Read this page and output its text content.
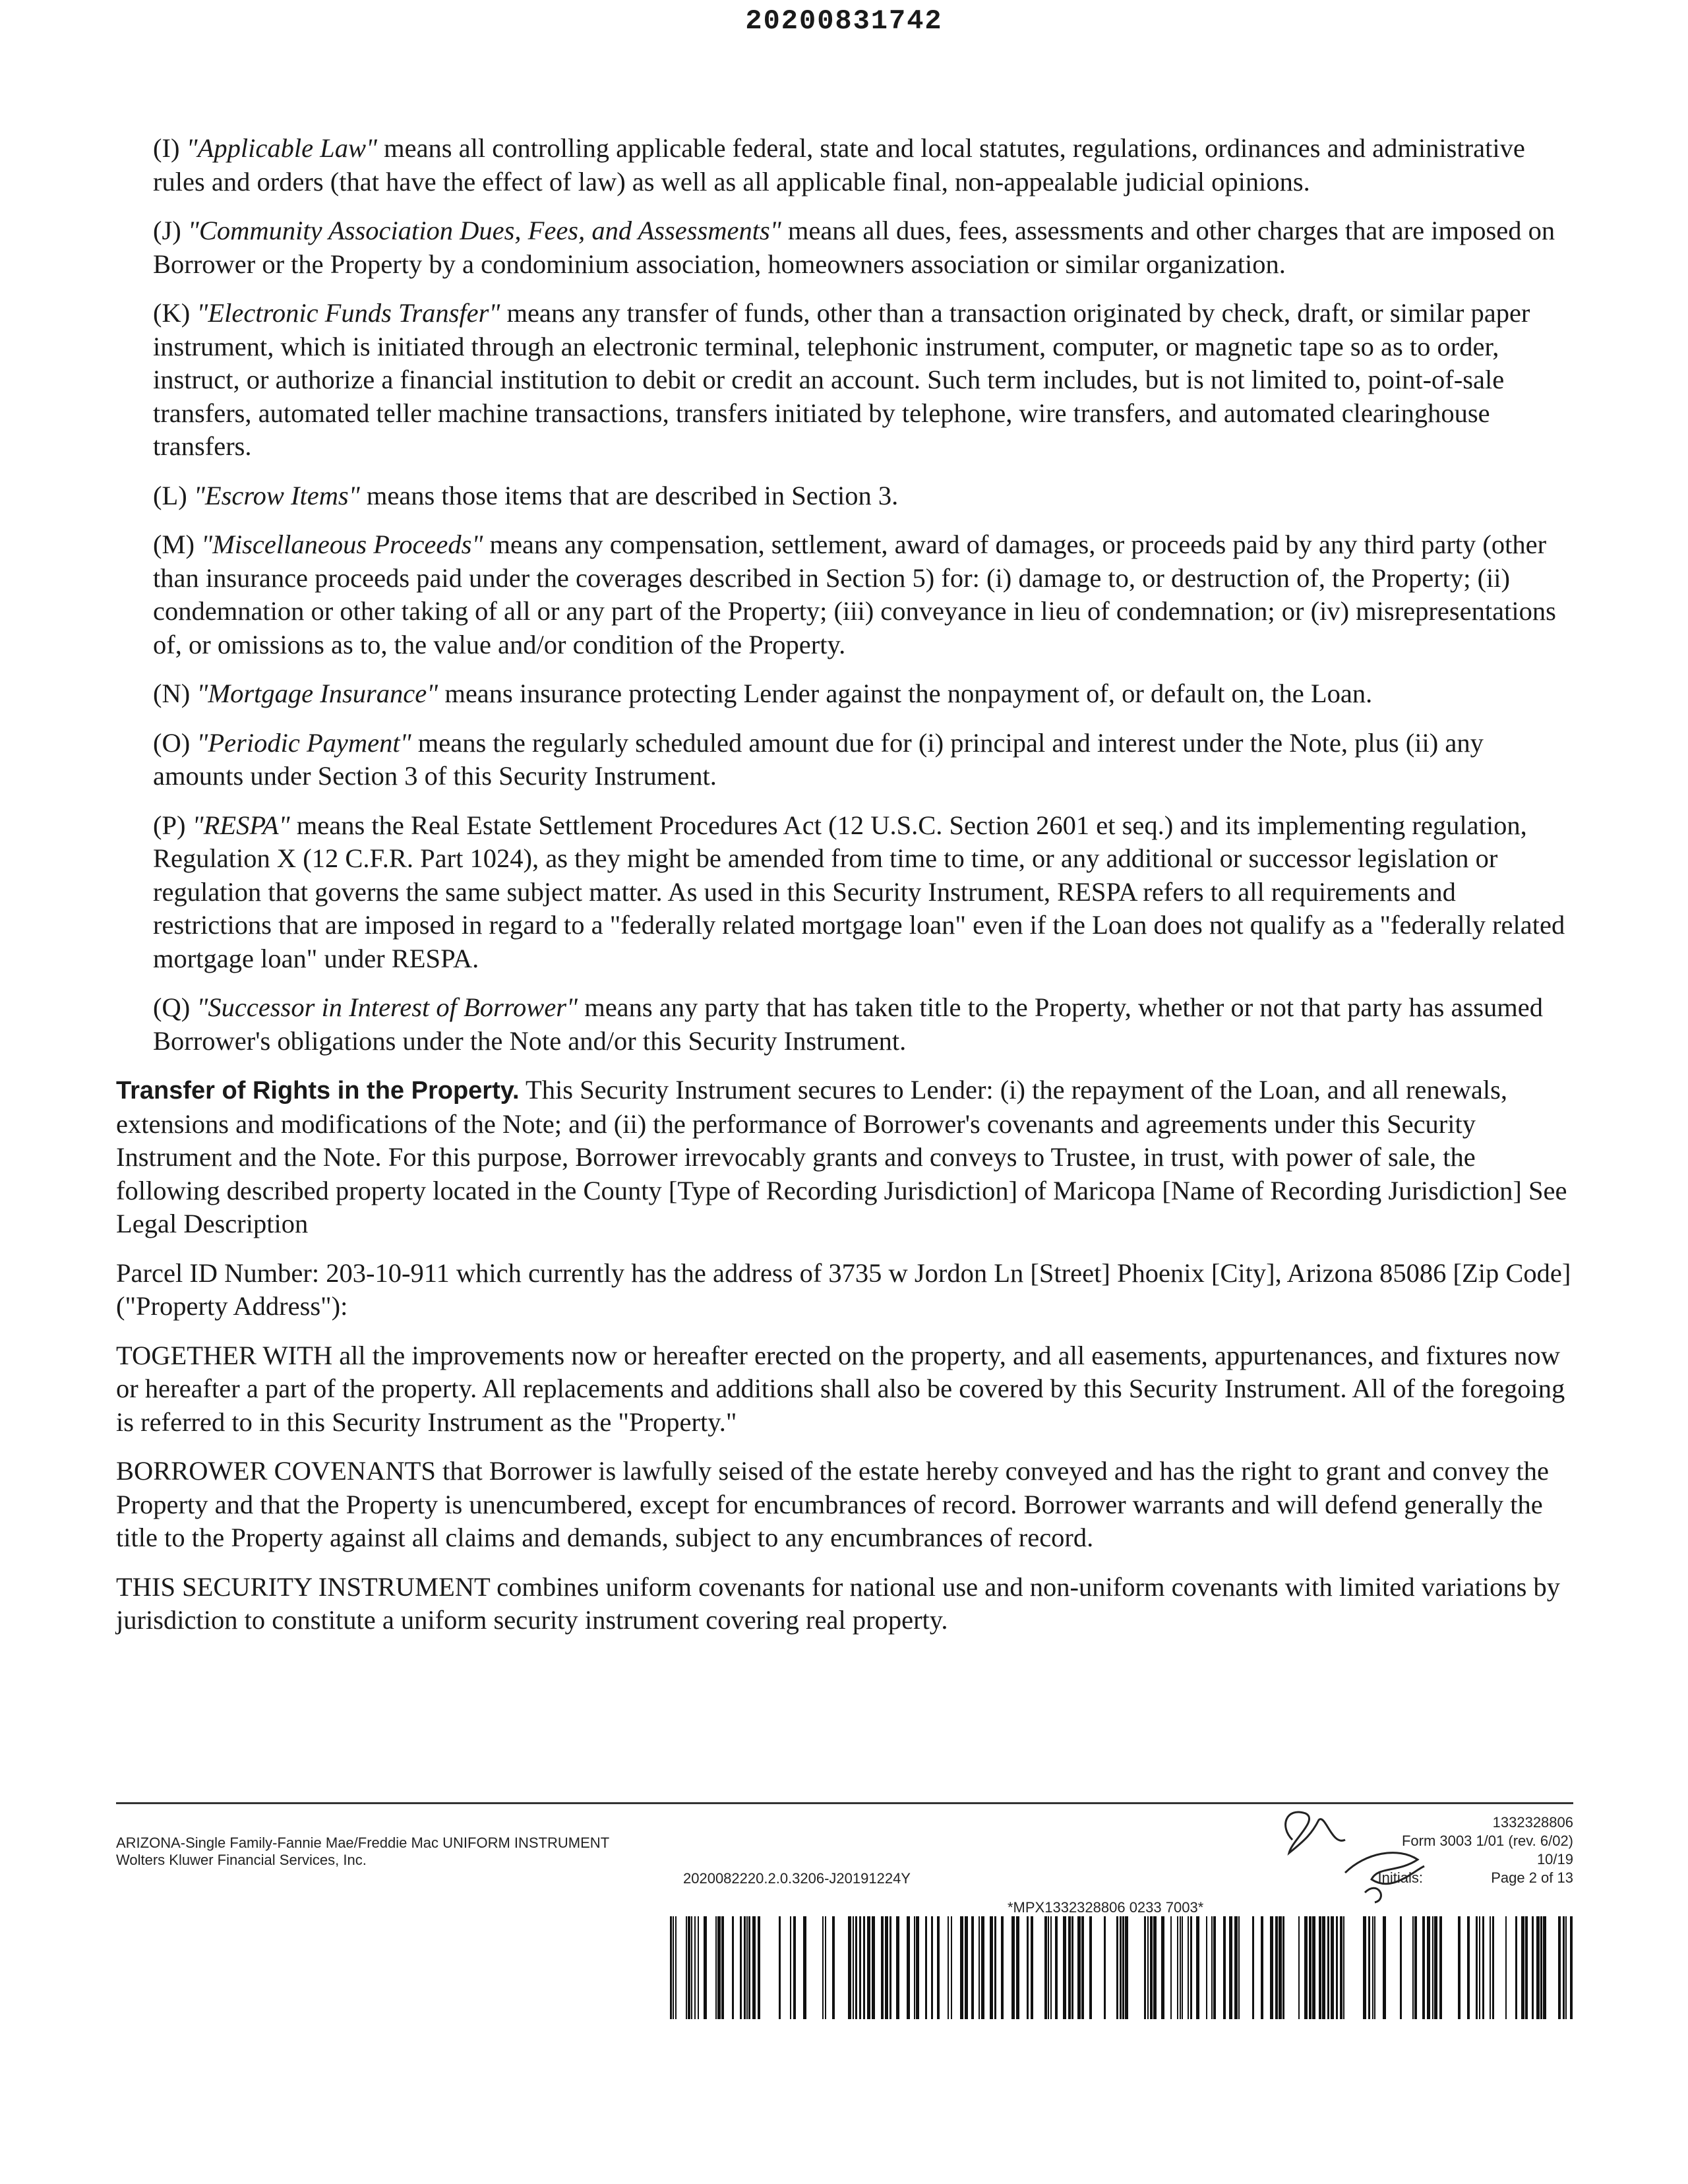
20200831742

(I) "Applicable Law" means all controlling applicable federal, state and local statutes, regulations, ordinances and administrative rules and orders (that have the effect of law) as well as all applicable final, non-appealable judicial opinions.

(J) "Community Association Dues, Fees, and Assessments" means all dues, fees, assessments and other charges that are imposed on Borrower or the Property by a condominium association, homeowners association or similar organization.

(K) "Electronic Funds Transfer" means any transfer of funds, other than a transaction originated by check, draft, or similar paper instrument, which is initiated through an electronic terminal, telephonic instrument, computer, or magnetic tape so as to order, instruct, or authorize a financial institution to debit or credit an account. Such term includes, but is not limited to, point-of-sale transfers, automated teller machine transactions, transfers initiated by telephone, wire transfers, and automated clearinghouse transfers.

(L) "Escrow Items" means those items that are described in Section 3.

(M) "Miscellaneous Proceeds" means any compensation, settlement, award of damages, or proceeds paid by any third party (other than insurance proceeds paid under the coverages described in Section 5) for: (i) damage to, or destruction of, the Property; (ii) condemnation or other taking of all or any part of the Property; (iii) conveyance in lieu of condemnation; or (iv) misrepresentations of, or omissions as to, the value and/or condition of the Property.

(N) "Mortgage Insurance" means insurance protecting Lender against the nonpayment of, or default on, the Loan.

(O) "Periodic Payment" means the regularly scheduled amount due for (i) principal and interest under the Note, plus (ii) any amounts under Section 3 of this Security Instrument.

(P) "RESPA" means the Real Estate Settlement Procedures Act (12 U.S.C. Section 2601 et seq.) and its implementing regulation, Regulation X (12 C.F.R. Part 1024), as they might be amended from time to time, or any additional or successor legislation or regulation that governs the same subject matter. As used in this Security Instrument, RESPA refers to all requirements and restrictions that are imposed in regard to a "federally related mortgage loan" even if the Loan does not qualify as a "federally related mortgage loan" under RESPA.

(Q) "Successor in Interest of Borrower" means any party that has taken title to the Property, whether or not that party has assumed Borrower's obligations under the Note and/or this Security Instrument.

Transfer of Rights in the Property. This Security Instrument secures to Lender: (i) the repayment of the Loan, and all renewals, extensions and modifications of the Note; and (ii) the performance of Borrower's covenants and agreements under this Security Instrument and the Note. For this purpose, Borrower irrevocably grants and conveys to Trustee, in trust, with power of sale, the following described property located in the County [Type of Recording Jurisdiction] of Maricopa [Name of Recording Jurisdiction] See Legal Description

Parcel ID Number: 203-10-911 which currently has the address of 3735 w Jordon Ln [Street] Phoenix [City], Arizona 85086 [Zip Code] ("Property Address"):

TOGETHER WITH all the improvements now or hereafter erected on the property, and all easements, appurtenances, and fixtures now or hereafter a part of the property. All replacements and additions shall also be covered by this Security Instrument. All of the foregoing is referred to in this Security Instrument as the "Property."

BORROWER COVENANTS that Borrower is lawfully seised of the estate hereby conveyed and has the right to grant and convey the Property and that the Property is unencumbered, except for encumbrances of record. Borrower warrants and will defend generally the title to the Property against all claims and demands, subject to any encumbrances of record.

THIS SECURITY INSTRUMENT combines uniform covenants for national use and non-uniform covenants with limited variations by jurisdiction to constitute a uniform security instrument covering real property.

ARIZONA-Single Family-Fannie Mae/Freddie Mac UNIFORM INSTRUMENT
Wolters Kluwer Financial Services, Inc.
2020082220.2.0.3206-J20191224Y
1332328806
Form 3003 1/01 (rev. 6/02)
10/19
Page 2 of 13
Initials:
*MPX1332328806 0233 7003*
